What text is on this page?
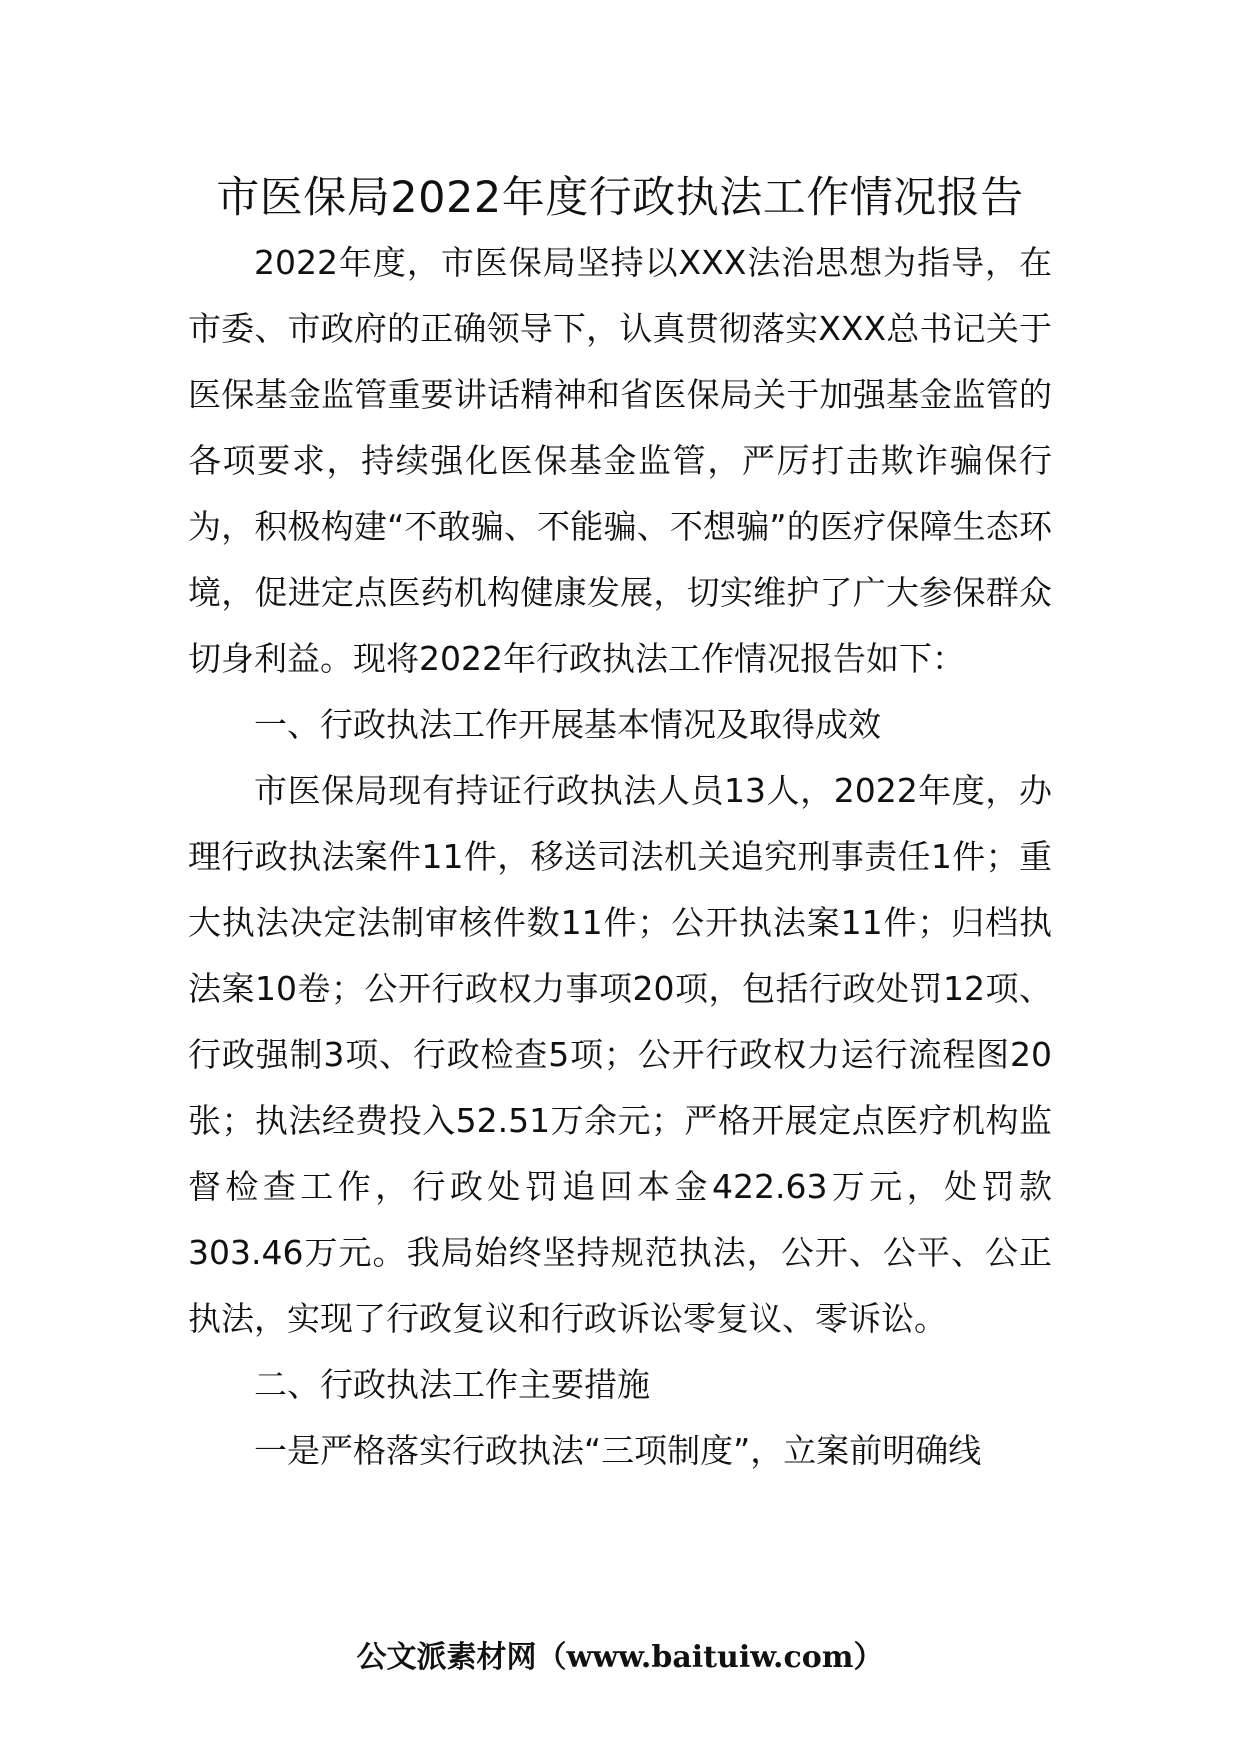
市医保局2022年度行政执法工作情况报告

2022年度，市医保局坚持以XXX法治思想为指导，在市委、市政府的正确领导下，认真贯彻落实XXX总书记关于医保基金监管重要讲话精神和省医保局关于加强基金监管的各项要求，持续强化医保基金监管，严厉打击欺诈骗保行为，积极构建“不敢骗、不能骗、不想骗”的医疗保障生态环境，促进定点医药机构健康发展，切实维护了广大参保群众切身利益。现将2022年行政执法工作情况报告如下：

一、行政执法工作开展基本情况及取得成效

市医保局现有持证行政执法人员13人，2022年度，办理行政执法案件11件，移送司法机关追究刑事责任1件；重大执法决定法制审核件数11件；公开执法案11件；归档执法案10卷；公开行政权力事项20项，包括行政处罚12项、行政强制3项、行政检查5项；公开行政权力运行流程图20张；执法经费投入52.51万余元；严格开展定点医疗机构监督检查工作，行政处罚追回本金422.63万元，处罚款303.46万元。我局始终坚持规范执法，公开、公平、公正执法，实现了行政复议和行政诉讼零复议、零诉讼。

二、行政执法工作主要措施

一是严格落实行政执法“三项制度”，立案前明确线

公文派素材网（www.baituiw.com）
